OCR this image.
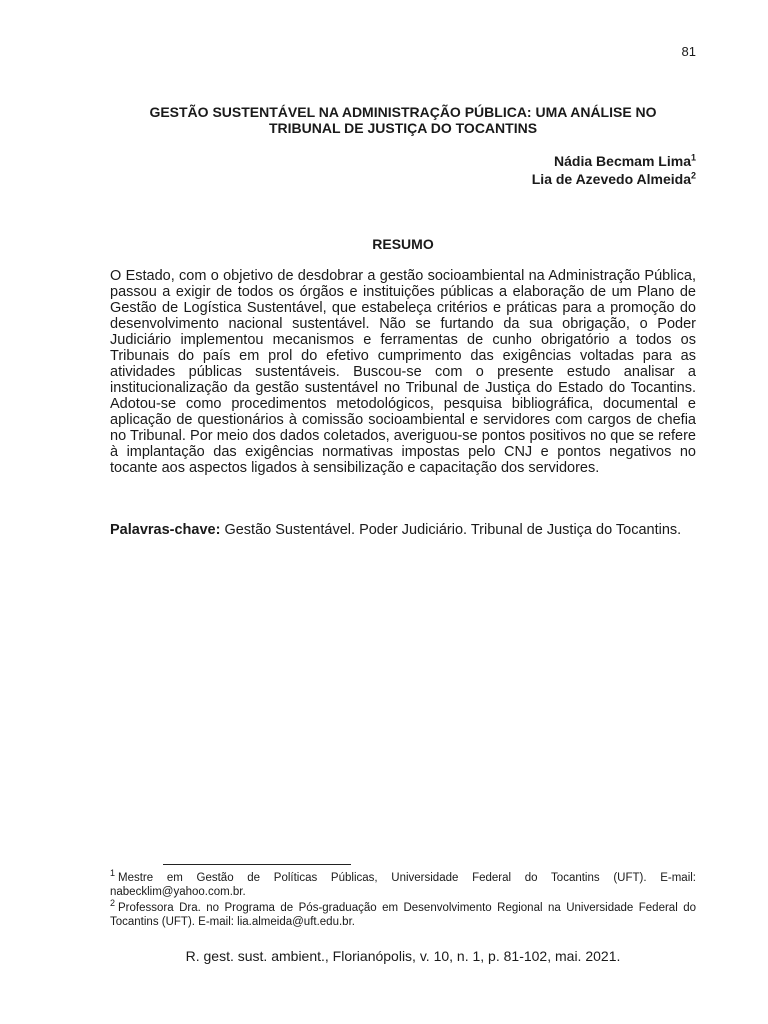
81
GESTÃO SUSTENTÁVEL NA ADMINISTRAÇÃO PÚBLICA: UMA ANÁLISE NO
TRIBUNAL DE JUSTIÇA DO TOCANTINS
Nádia Becmam Lima$^1$
Lia de Azevedo Almeida$^2$
RESUMO

O Estado, com o objetivo de desdobrar a gestão socioambiental na Administração Pública, passou a exigir de todos os órgãos e instituições públicas a elaboração de um Plano de Gestão de Logística Sustentável, que estabeleça critérios e práticas para a promoção do desenvolvimento nacional sustentável. Não se furtando da sua obrigação, o Poder Judiciário implementou mecanismos e ferramentas de cunho obrigatório a todos os Tribunais do país em prol do efetivo cumprimento das exigências voltadas para as atividades públicas sustentáveis. Buscou-se com o presente estudo analisar a institucionalização da gestão sustentável no Tribunal de Justiça do Estado do Tocantins. Adotou-se como procedimentos metodológicos, pesquisa bibliográfica, documental e aplicação de questionários à comissão socioambiental e servidores com cargos de chefia no Tribunal. Por meio dos dados coletados, averiguou-se pontos positivos no que se refere à implantação das exigências normativas impostas pelo CNJ e pontos negativos no tocante aos aspectos ligados à sensibilização e capacitação dos servidores.

Palavras-chave: Gestão Sustentável. Poder Judiciário. Tribunal de Justiça do Tocantins.

$^1$ Mestre em Gestão de Políticas Públicas, Universidade Federal do Tocantins (UFT). E-mail: nabecklim@yahoo.com.br.

$^2$ Professora Dra. no Programa de Pós-graduação em Desenvolvimento Regional na Universidade Federal do Tocantins (UFT). E-mail: lia.almeida@uft.edu.br.

R. gest. sust. ambient., Florianópolis, v. 10, n. 1, p. 81-102, mai. 2021.
